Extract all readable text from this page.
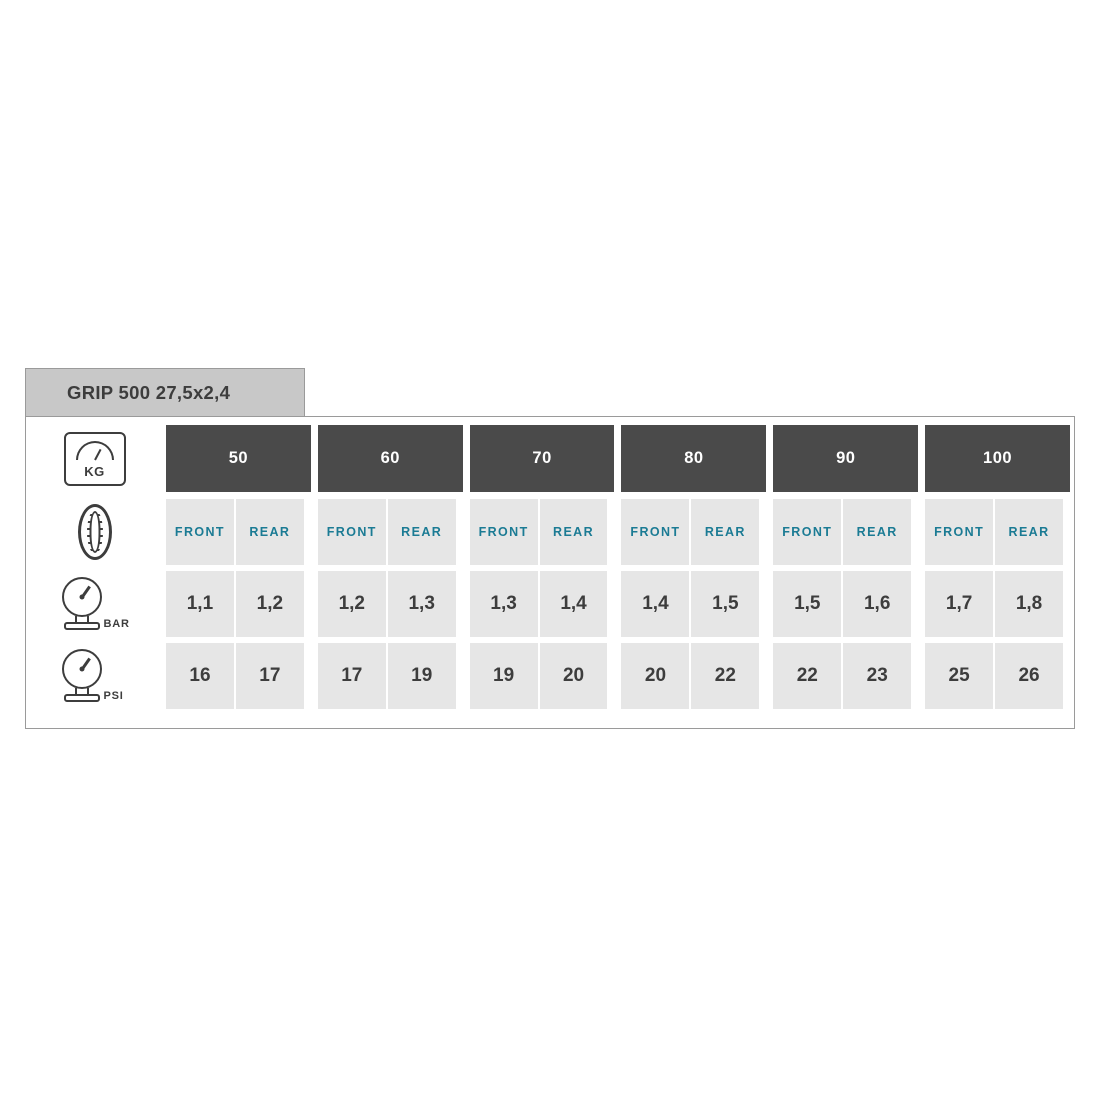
GRIP 500 27,5x2,4
KG
50	60	70	80	90	100
FRONT REAR	FRONT REAR	FRONT REAR	FRONT REAR	FRONT REAR	FRONT REAR
BAR
1,1 1,2	1,2 1,3	1,3 1,4	1,4 1,5	1,5 1,6	1,7 1,8
PSI
16	17	17	19	19	20	20	22	22	23	25	26
